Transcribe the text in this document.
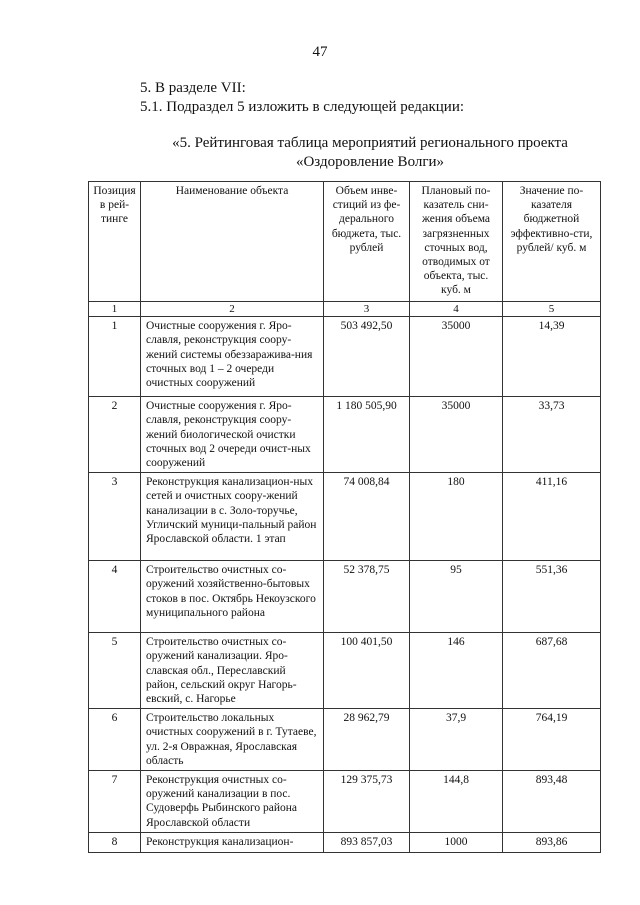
47
5. В разделе VII:
5.1. Подраздел 5 изложить в следующей редакции:
«5. Рейтинговая таблица мероприятий регионального проекта
«Оздоровление Волги»
Позиция в рей-тинге	Наименование объекта	Объем инве-стиций из фе-дерального бюджета, тыс. рублей	Плановый по-казатель сни-жения объема загрязненных сточных вод, отводимых от объекта, тыс. куб. м	Значение по-казателя бюджетной эффективно-сти, рублей/ куб. м
1	2	3	4	5
1	Очистные сооружения г. Яро-славля, реконструкция соору-жений системы обеззаражива-ния сточных вод 1 – 2 очереди очистных сооружений	503 492,50	35000	14,39
2	Очистные сооружения г. Яро-славля, реконструкция соору-жений биологической очистки сточных вод 2 очереди очист-ных сооружений	1 180 505,90	35000	33,73
3	Реконструкция канализацион-ных сетей и очистных соору-жений канализации в с. Золо-торучье, Угличский муници-пальный район Ярославской области. 1 этап	74 008,84	180	411,16
4	Строительство очистных со-оружений хозяйственно-бытовых стоков в пос. Октябрь Некоузского муниципального района	52 378,75	95	551,36
5	Строительство очистных со-оружений канализации. Яро-славская обл., Переславский район, сельский округ Нагорь-евский, с. Нагорье	100 401,50	146	687,68
6	Строительство локальных очистных сооружений в г. Тутаеве, ул. 2-я Овражная, Ярославская область	28 962,79	37,9	764,19
7	Реконструкция очистных со-оружений канализации в пос. Судоверфь Рыбинского района Ярославской области	129 375,73	144,8	893,48
8	Реконструкция канализацион-	893 857,03	1000	893,86
